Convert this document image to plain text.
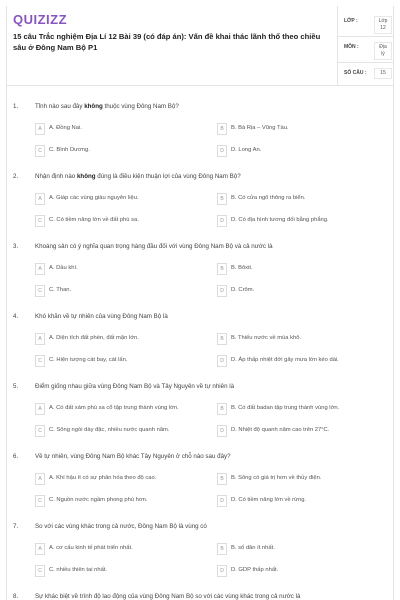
QUIZIZZ
15 câu Trắc nghiệm Địa Lí 12 Bài 39 (có đáp án): Vấn đề khai thác lãnh thổ theo chiều sâu ở Đông Nam Bộ P1
LỚP :	Lớp 12
MÔN :	Địa lý
SỐ CÂU :	15
1.	Tỉnh nào sau đây không thuộc vùng Đông Nam Bộ?
A	A. Đồng Nai.	B	B. Bà Rịa – Vũng Tàu.
C	C. Bình Dương.	D	D. Long An.
2.	Nhận định nào không đúng là điều kiện thuận lợi của vùng Đông Nam Bộ?
A	A. Giáp các vùng giàu nguyên liệu.	B	B. Có cửa ngõ thông ra biển.
C	C. Có tiềm năng lớn về đất phù sa.	D	D. Có địa hình tương đối bằng phẳng.
3.	Khoáng sản có ý nghĩa quan trọng hàng đầu đối với vùng Đông Nam Bộ và cả nước là
A	A. Dầu khí.	B	B. Bôxit.
C	C. Than.	D	D. Crôm.
4.	Khó khăn về tự nhiên của vùng Đông Nam Bộ là
A	A. Diện tích đất phèn, đất mặn lớn.	B	B. Thiếu nước về mùa khô.
C	C. Hiện tượng cát bay, cát lấn.	D	D. Áp thấp nhiệt đới gây mưa lớn kéo dài.
5.	Điểm giống nhau giữa vùng Đông Nam Bộ và Tây Nguyên về tự nhiên là
A	A. Có đất xám phù sa cổ tập trung thành vùng lớn.	B	B. Có đất badan tập trung thành vùng lớn.
C	C. Sông ngòi dày đặc, nhiều nước quanh năm.	D	D. Nhiệt độ quanh năm cao trên 27°C.
6.	Về tự nhiên, vùng Đông Nam Bộ khác Tây Nguyên ở chỗ nào sau đây?
A	A. Khí hậu ít có sự phân hóa theo độ cao.	B	B. Sông có giá trị hơn về thủy điện.
C	C. Nguồn nước ngầm phong phú hơn.	D	D. Có tiềm năng lớn về rừng.
7.	So với các vùng khác trong cả nước, Đông Nam Bộ là vùng có
A	A. cơ cấu kinh tế phát triển nhất.	B	B. số dân ít nhất.
C	C. nhiều thiên tai nhất.	D	D. GDP thấp nhất.
8.	Sự khác biệt về trình độ lao động của vùng Đông Nam Bộ so với các vùng khác trong cả nước là
